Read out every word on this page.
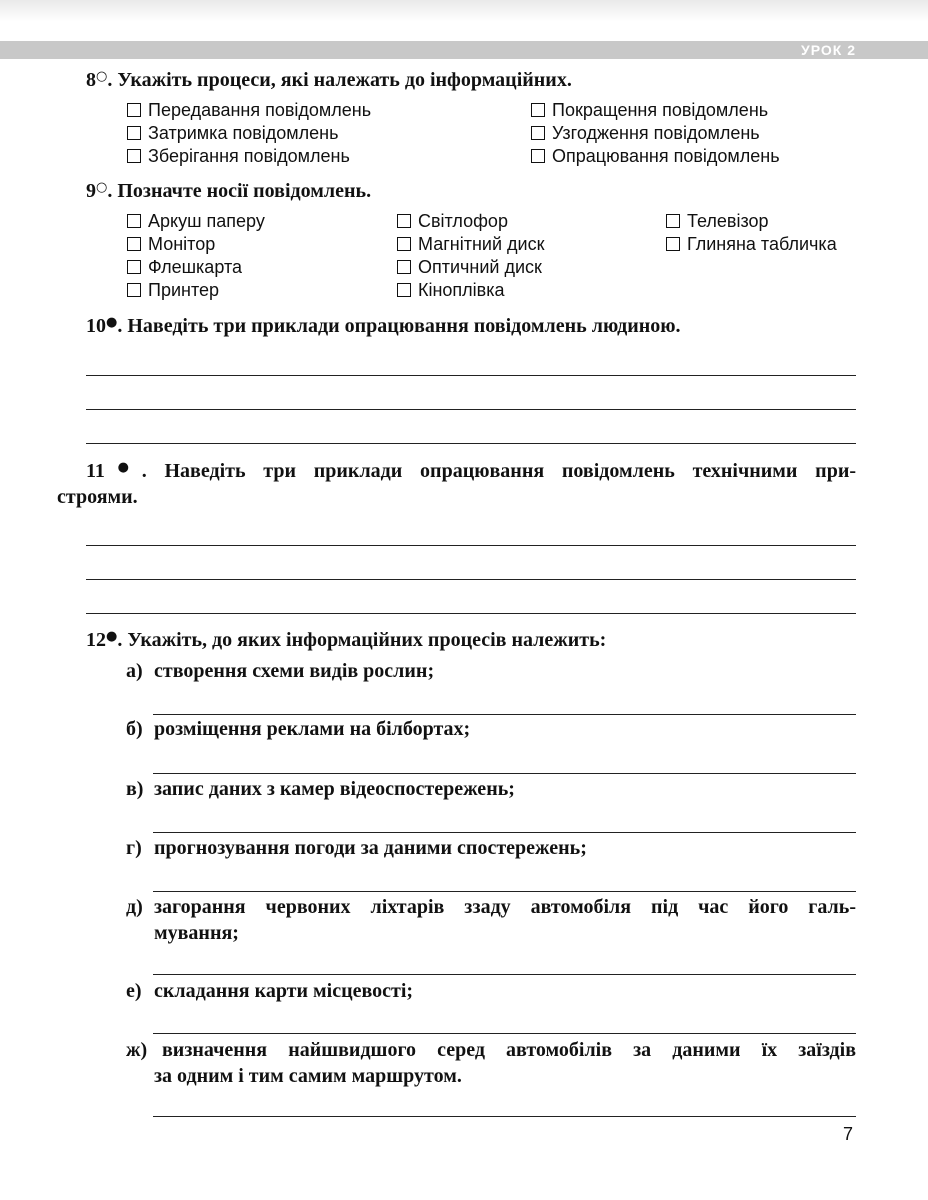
УРОК 2
8○. Укажіть процеси, які належать до інформаційних.
Передавання повідомлень
Затримка повідомлень
Зберігання повідомлень
Покращення повідомлень
Узгодження повідомлень
Опрацювання повідомлень
9○. Позначте носії повідомлень.
Аркуш паперу
Монітор
Флешкарта
Принтер
Світлофор
Магнітний диск
Оптичний диск
Кіноплівка
Телевізор
Глиняна табличка
10●. Наведіть три приклади опрацювання повідомлень людиною.
11●. Наведіть три приклади опрацювання повідомлень технічними при-
строями.
12●. Укажіть, до яких інформаційних процесів належить:
а) створення схеми видів рослин;
б) розміщення реклами на білбортах;
в) запис даних з камер відеоспостережень;
г) прогнозування погоди за даними спостережень;
д) загорання червоних ліхтарів ззаду автомобіля під час його галь-
мування;
е) складання карти місцевості;
ж) визначення найшвидшого серед автомобілів за даними їх заїздів
за одним і тим самим маршрутом.
7
